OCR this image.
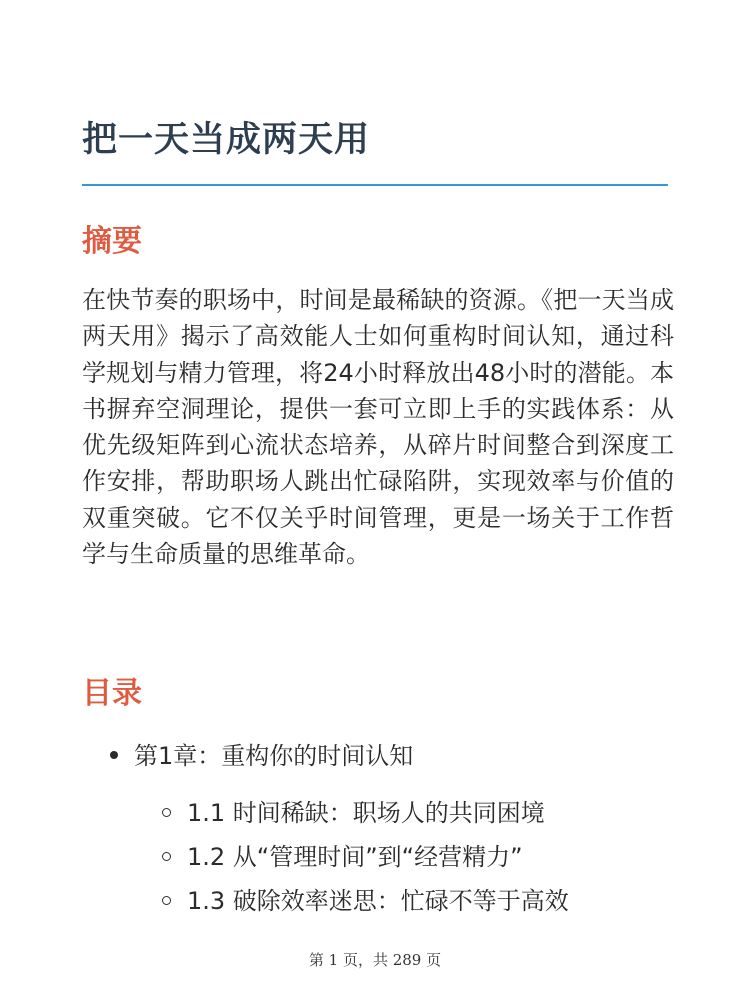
把一天当成两天用
摘要

在快节奏的职场中，时间是最稀缺的资源。《把一天当成两天用》揭示了高效能人士如何重构时间认知，通过科学规划与精力管理，将24小时释放出48小时的潜能。本书摒弃空洞理论，提供一套可立即上手的实践体系：从优先级矩阵到心流状态培养，从碎片时间整合到深度工作安排，帮助职场人跳出忙碌陷阱，实现效率与价值的双重突破。它不仅关乎时间管理，更是一场关于工作哲学与生命质量的思维革命。

目录
第1章：重构你的时间认知
1.1 时间稀缺：职场人的共同困境
1.2 从“管理时间”到“经营精力”
1.3 破除效率迷思：忙碌不等于高效
第 1 页，共 289 页
